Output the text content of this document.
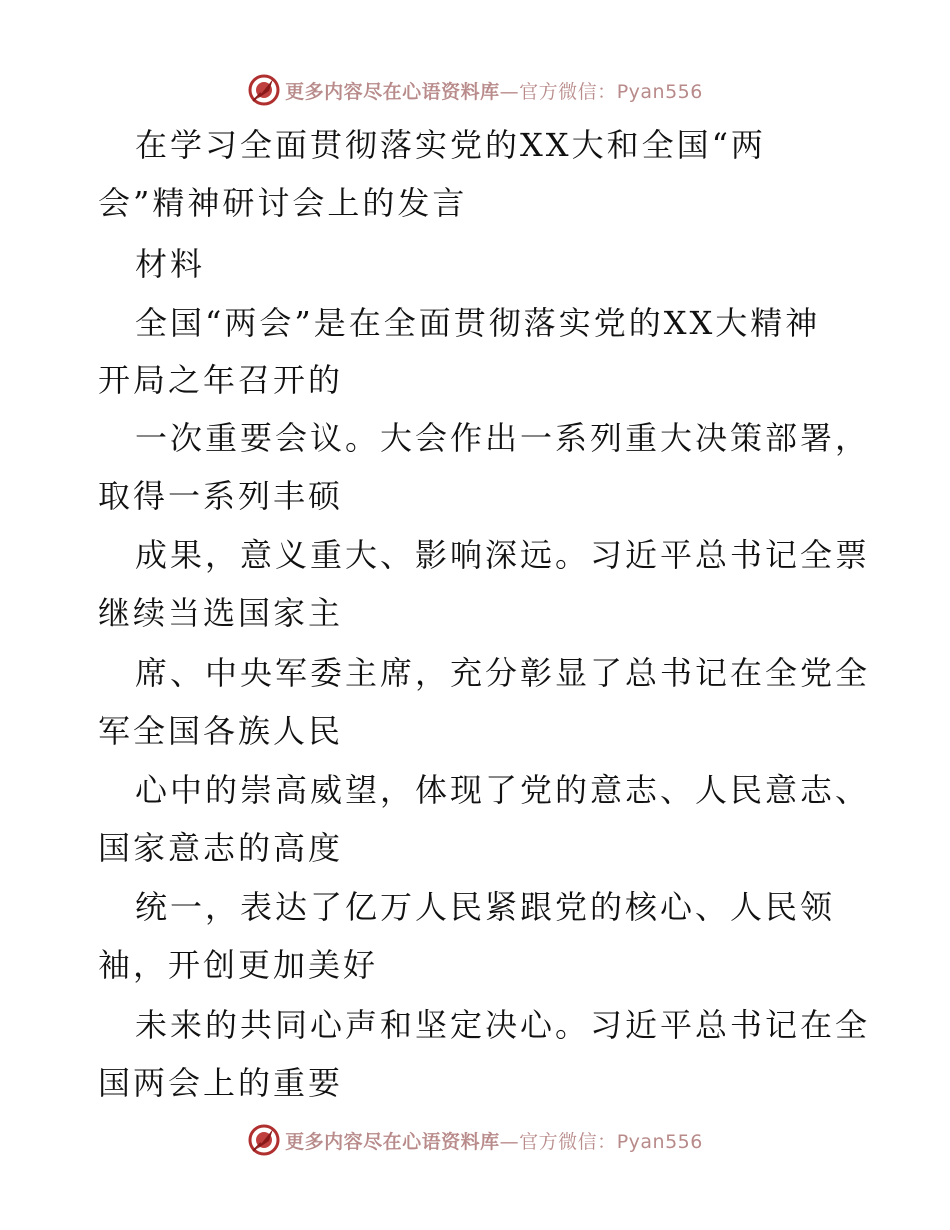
更多内容尽在心语资料库—官方微信：Pyan556
在学习全面贯彻落实党的XX大和全国“两
会”精神研讨会上的发言
材料
全国“两会”是在全面贯彻落实党的XX大精神
开局之年召开的
一次重要会议。大会作出一系列重大决策部署，
取得一系列丰硕
成果，意义重大、影响深远。习近平总书记全票
继续当选国家主
席、中央军委主席，充分彰显了总书记在全党全
军全国各族人民
心中的崇高威望，体现了党的意志、人民意志、
国家意志的高度
统一，表达了亿万人民紧跟党的核心、人民领
袖，开创更加美好
未来的共同心声和坚定决心。习近平总书记在全
国两会上的重要
更多内容尽在心语资料库—官方微信：Pyan556
